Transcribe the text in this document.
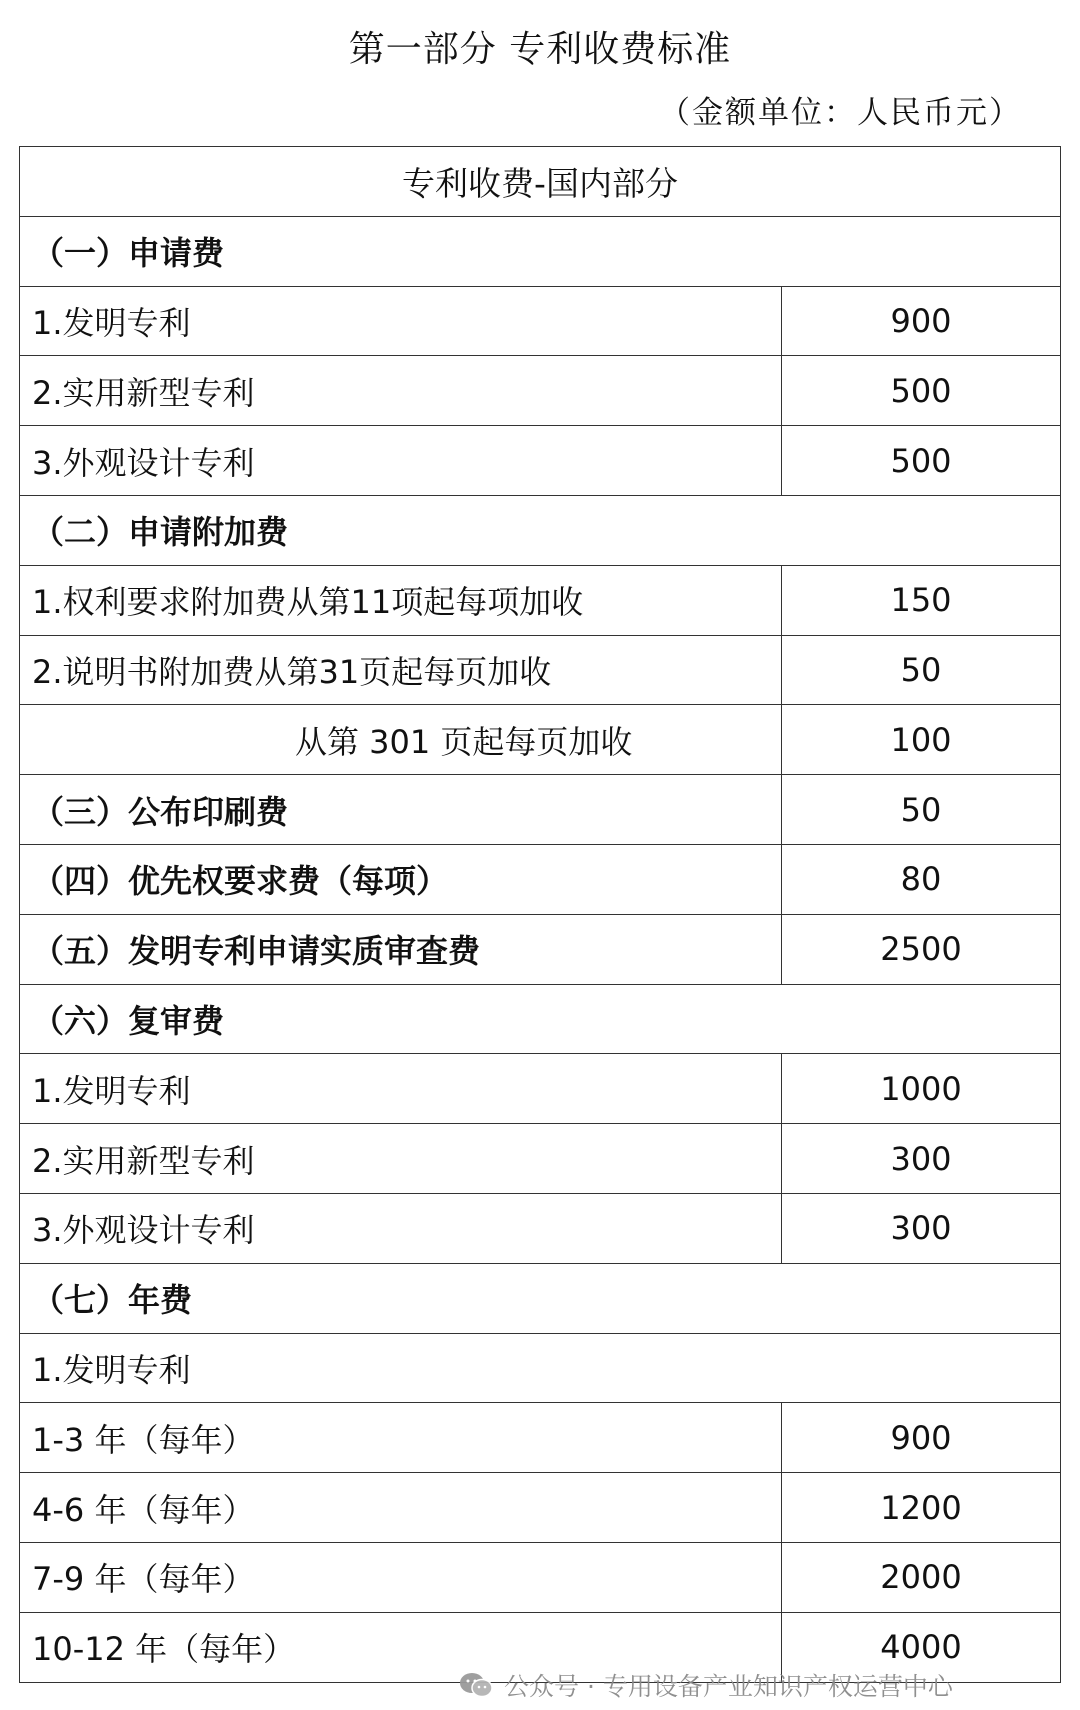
第一部分 专利收费标准
（金额单位：人民币元）
专利收费-国内部分
（一）申请费
1.发明专利	900
2.实用新型专利	500
3.外观设计专利	500
（二）申请附加费
1.权利要求附加费从第11项起每项加收	150
2.说明书附加费从第31页起每页加收	50
从第 301 页起每页加收	100
（三）公布印刷费	50
（四）优先权要求费（每项）	80
（五）发明专利申请实质审查费	2500
（六）复审费
1.发明专利	1000
2.实用新型专利	300
3.外观设计专利	300
（七）年费
1.发明专利
1-3 年（每年）	900
4-6 年（每年）	1200
7-9 年（每年）	2000
10-12 年（每年）	4000
公众号 · 专用设备产业知识产权运营中心
